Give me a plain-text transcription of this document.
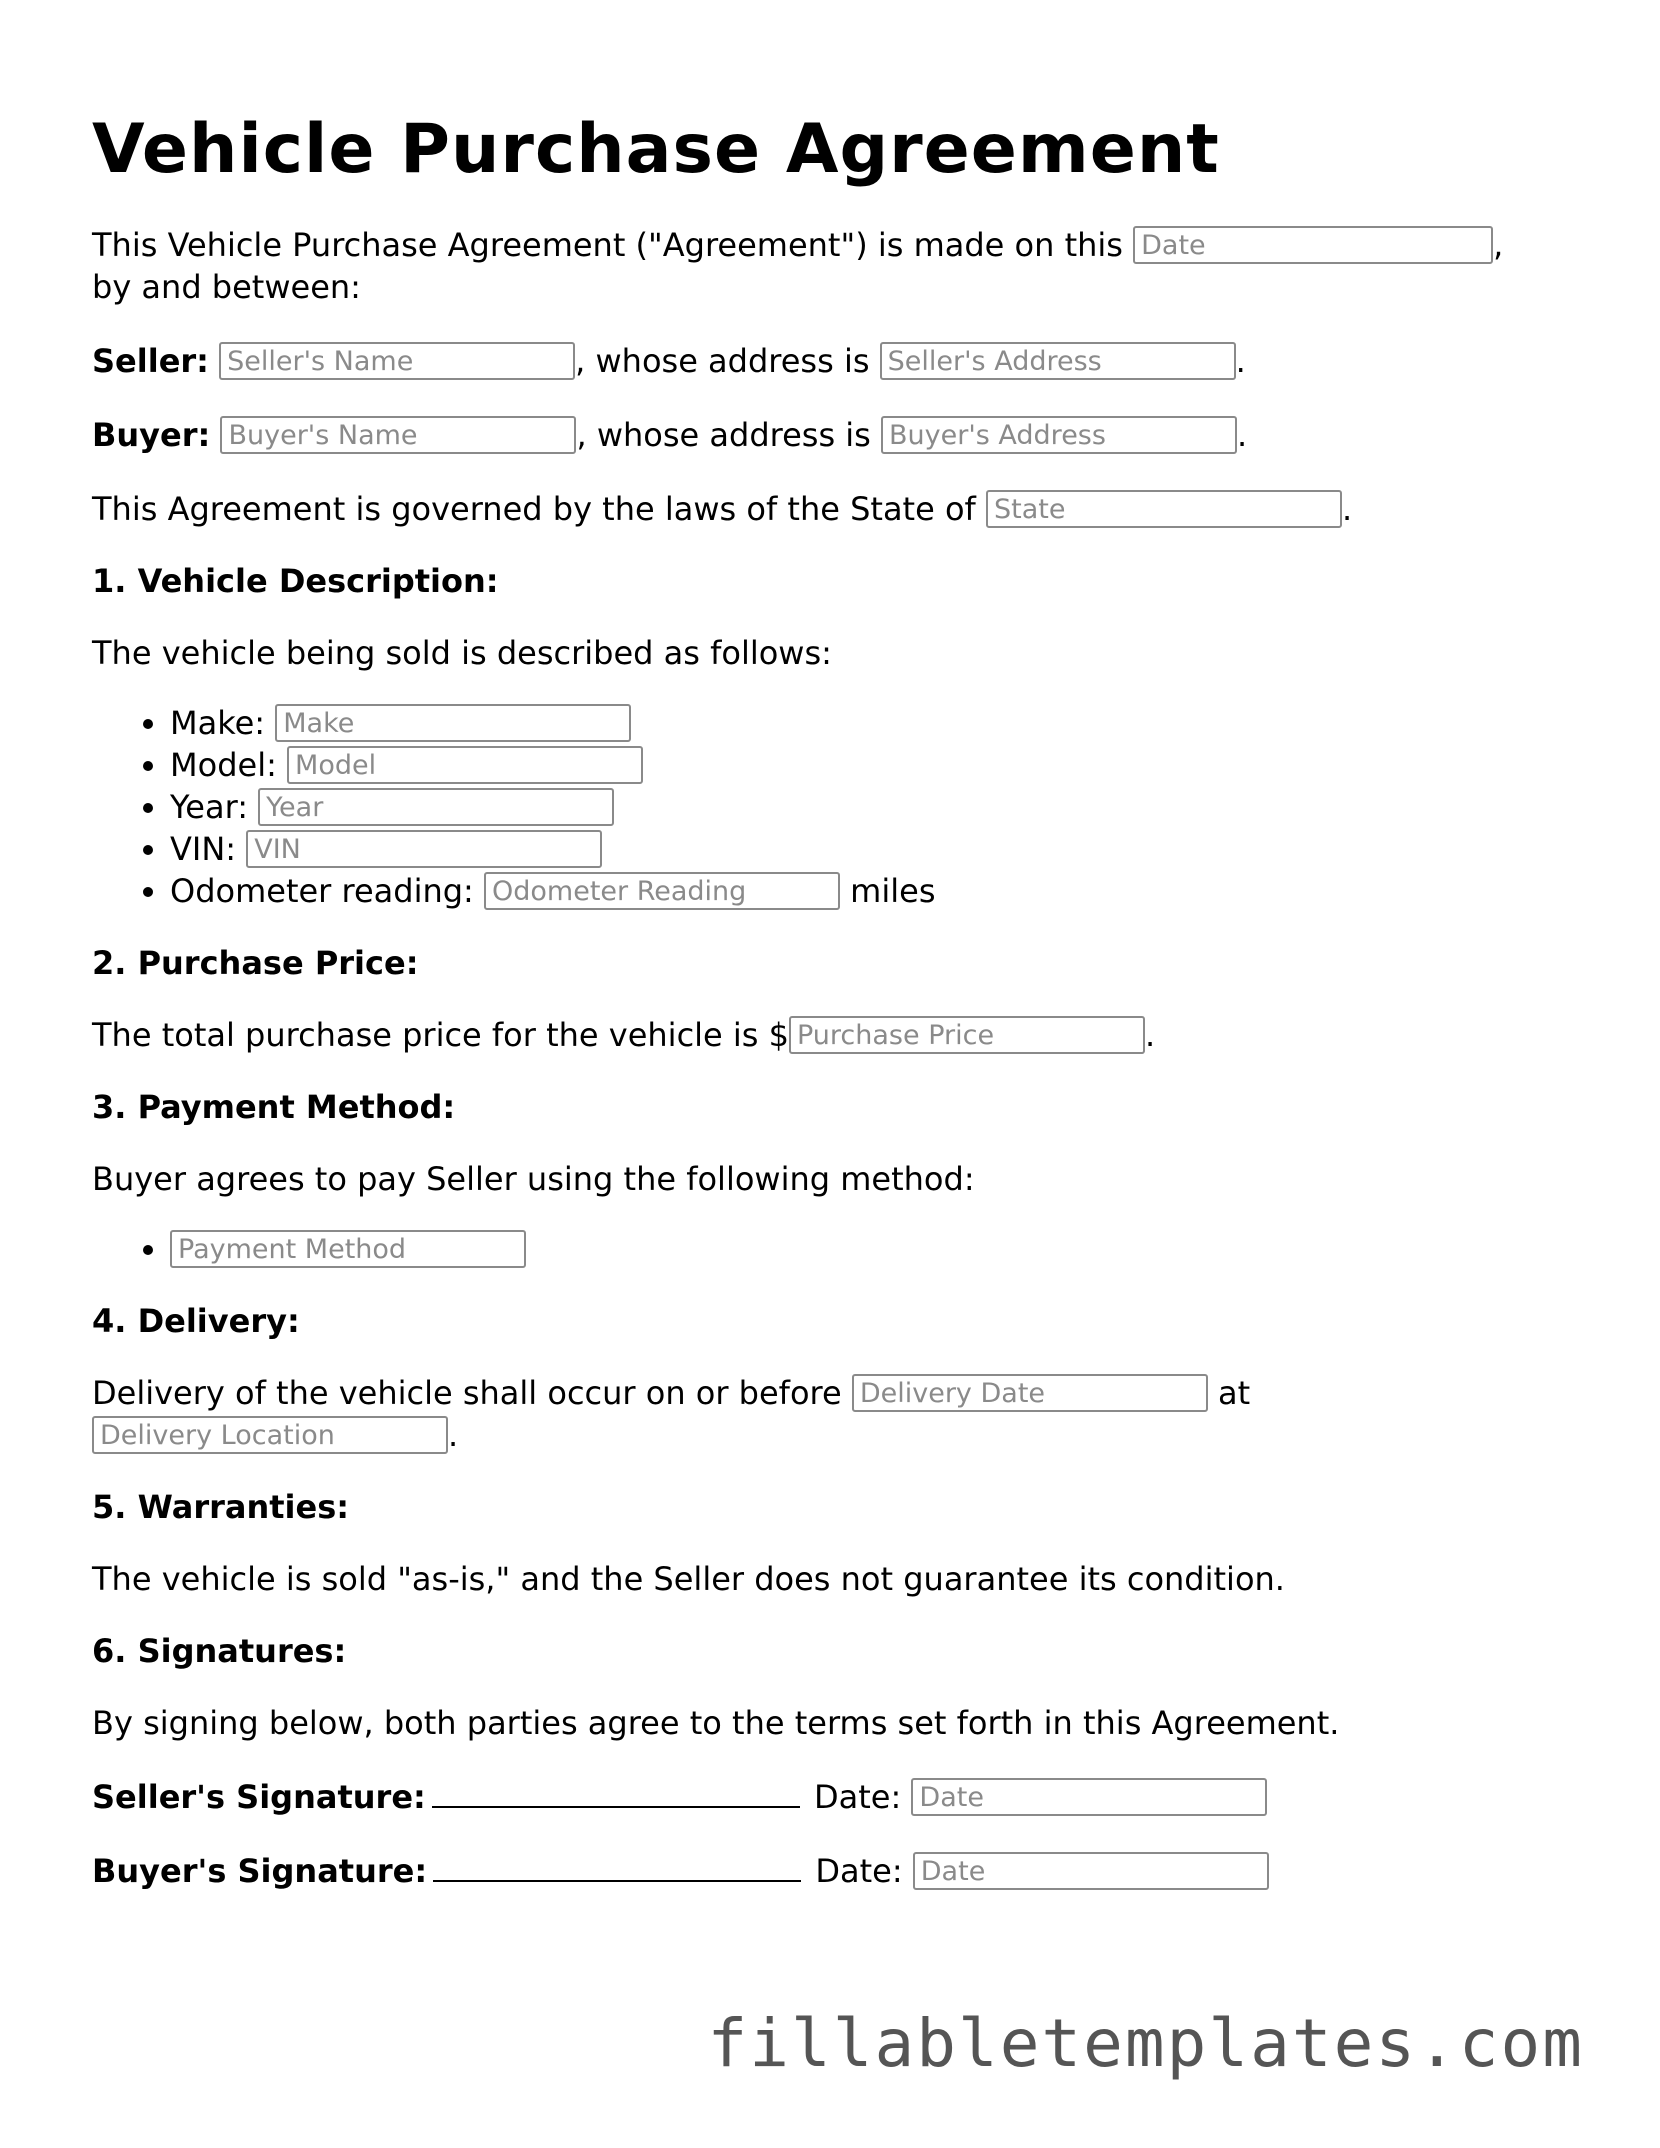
Vehicle Purchase Agreement

This Vehicle Purchase Agreement ("Agreement") is made on this Date	,
by and between:

Seller: Seller's Name	, whose address is Seller's Address	.

Buyer: Buyer's Name	, whose address is Buyer's Address	.

This Agreement is governed by the laws of the State of State	.

1. Vehicle Description:

The vehicle being sold is described as follows:

• Make: Make
• Model: Model
• Year: Year
• VIN: VIN
• Odometer reading: Odometer Reading	miles
2. Purchase Price:

The total purchase price for the vehicle is $Purchase Price	.

3. Payment Method:

Buyer agrees to pay Seller using the following method:

• Payment Method
4. Delivery:

Delivery of the vehicle shall occur on or before Delivery Date	at
Delivery Location.

5. Warranties:

The vehicle is sold "as-is," and the Seller does not guarantee its condition.

6. Signatures:

By signing below, both parties agree to the terms set forth in this Agreement.

Seller's Signature:	Date: Date

Buyer's Signature:	Date: Date

fillabletemplates.com
